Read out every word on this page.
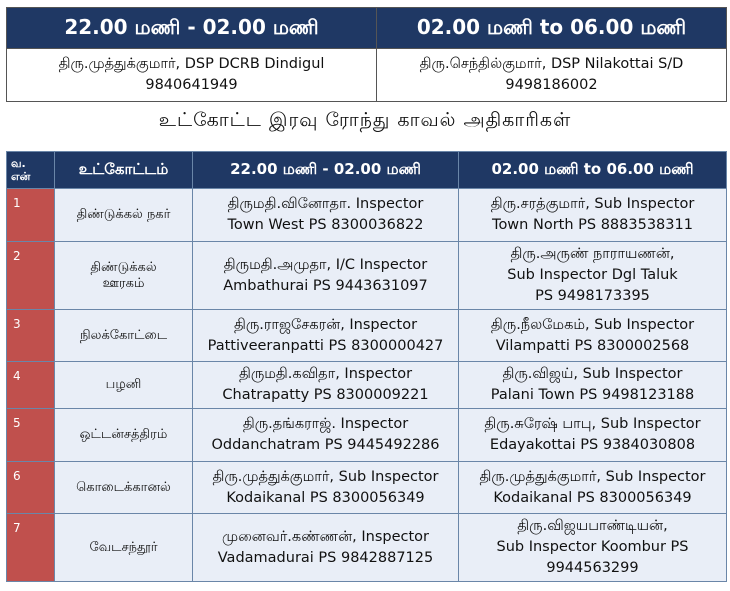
22.00 மணி - 02.00 மணி	02.00 மணி to 06.00 மணி

திரு.முத்துக்குமார், DSP DCRB Dindigul
9840641949	திரு.செந்தில்குமார், DSP Nilakottai S/D
9498186002
உட்கோட்ட இரவு ரோந்து காவல் அதிகாரிகள்
வ.
என்	உட்கோட்டம்	22.00 மணி - 02.00 மணி	02.00 மணி to 06.00 மணி
1	திண்டுக்கல் நகர்	திருமதி.வினோதா. Inspector
Town West PS 8300036822	திரு.சரத்குமார், Sub Inspector
Town North PS 8883538311

2	திண்டுக்கல்
ஊரகம்	திருமதி.அமுதா, I/C Inspector
Ambathurai PS 9443631097	திரு.அருண் நாராயணன்,
Sub Inspector Dgl Taluk
PS 9498173395

3	நிலக்கோட்டை	திரு.ராஜசேகரன், Inspector
Pattiveeranpatti PS 8300000427	திரு.நீலமேகம், Sub Inspector
Vilampatti PS 8300002568

4	பழனி	திருமதி.கவிதா, Inspector
Chatrapatty PS 8300009221	திரு.விஜய், Sub Inspector
Palani Town PS 9498123188

5	ஒட்டன்சத்திரம்	திரு.தங்கராஜ். Inspector
Oddanchatram PS 9445492286	திரு.சுரேஷ் பாபு, Sub Inspector
Edayakottai PS 9384030808

6	கொடைக்கானல்	திரு.முத்துக்குமார், Sub Inspector
Kodaikanal PS 8300056349	திரு.முத்துக்குமார், Sub Inspector
Kodaikanal PS 8300056349

7	வேடசந்தூர்	முனைவர்.கண்ணன், Inspector
Vadamadurai PS 9842887125	திரு.விஜயபாண்டியன்,
Sub Inspector Koombur PS
9944563299
